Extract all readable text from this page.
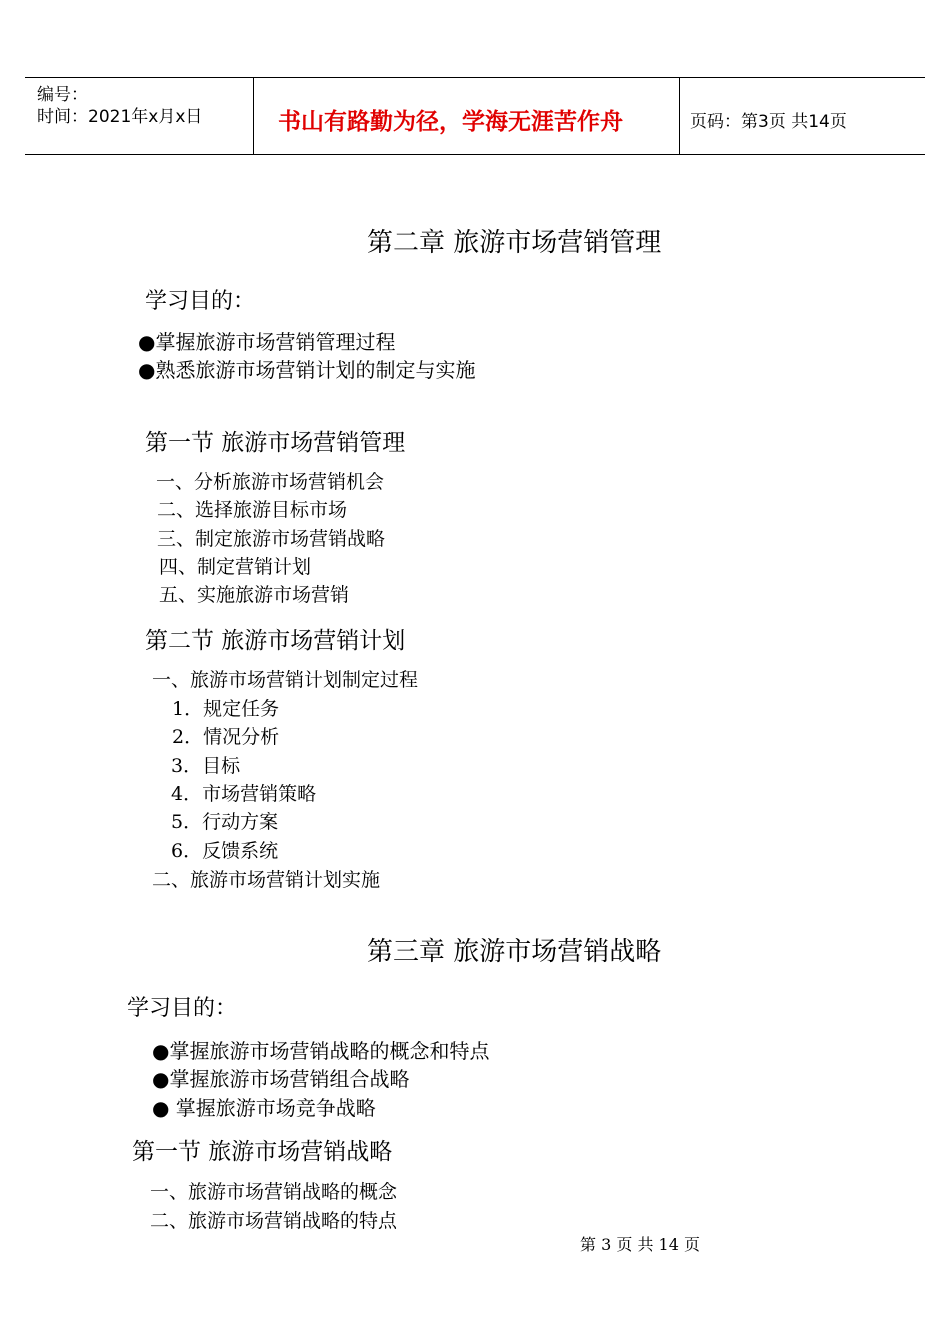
编号：
时间：2021年x月x日	书山有路勤为径，学海无涯苦作舟	页码：第3页 共14页
第二章 旅游市场营销管理
学习目的：
●掌握旅游市场营销管理过程
●熟悉旅游市场营销计划的制定与实施
第一节 旅游市场营销管理
一、分析旅游市场营销机会
二、选择旅游目标市场
三、制定旅游市场营销战略
四、制定营销计划
五、实施旅游市场营销
第二节 旅游市场营销计划
一、旅游市场营销计划制定过程
1．规定任务
2．情况分析
3．目标
4．市场营销策略
5．行动方案
6．反馈系统
二、旅游市场营销计划实施
第三章 旅游市场营销战略
学习目的：
●掌握旅游市场营销战略的概念和特点
●掌握旅游市场营销组合战略
● 掌握旅游市场竞争战略
第一节 旅游市场营销战略
一、旅游市场营销战略的概念
二、旅游市场营销战略的特点
第 3 页 共 14 页
